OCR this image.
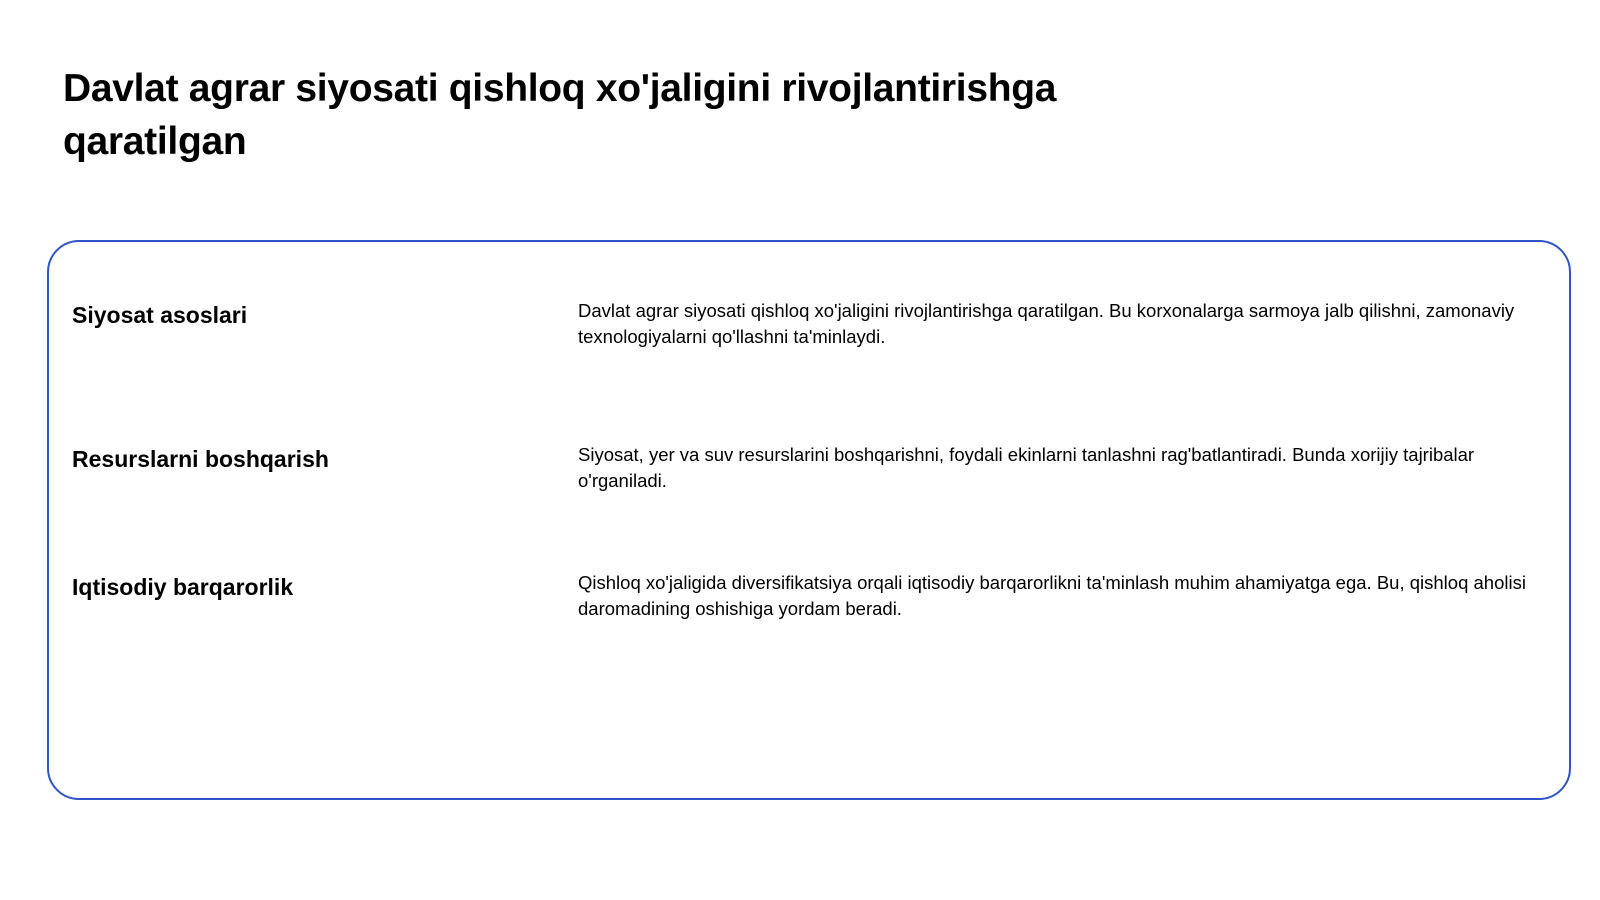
Davlat agrar siyosati qishloq xo'jaligini rivojlantirishga qaratilgan
Siyosat asoslari	Davlat agrar siyosati qishloq xo'jaligini rivojlantirishga qaratilgan. Bu korxonalarga sarmoya jalb qilishni, zamonaviy texnologiyalarni qo'llashni ta'minlaydi.

Resurslarni boshqarish	Siyosat, yer va suv resurslarini boshqarishni, foydali ekinlarni tanlashni rag'batlantiradi. Bunda xorijiy tajribalar o'rganiladi.

Iqtisodiy barqarorlik	Qishloq xo'jaligida diversifikatsiya orqali iqtisodiy barqarorlikni ta'minlash muhim ahamiyatga ega. Bu, qishloq aholisi daromadining oshishiga yordam beradi.
